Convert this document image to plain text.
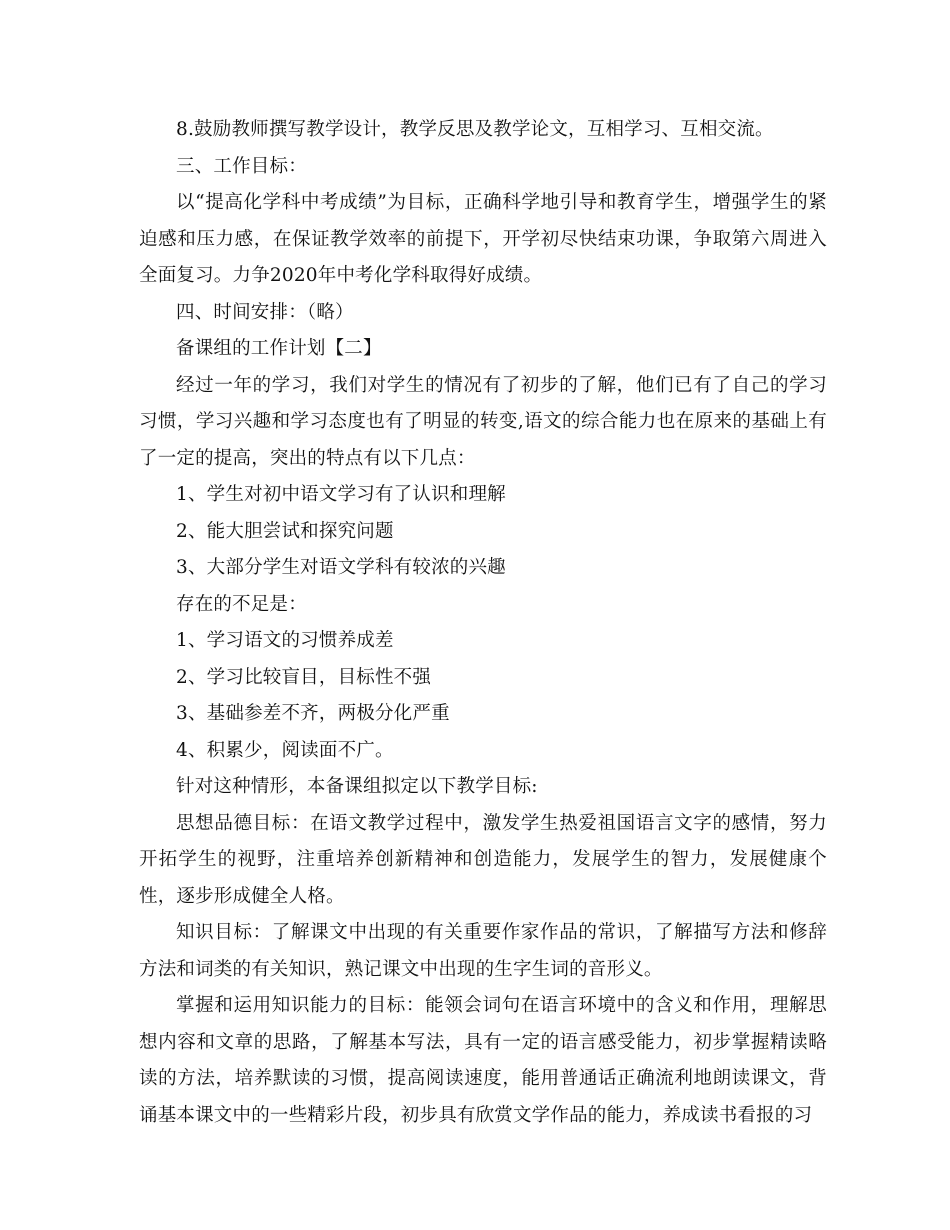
8.鼓励教师撰写教学设计，教学反思及教学论文，互相学习、互相交流。

三、工作目标：

以“提高化学科中考成绩”为目标，正确科学地引导和教育学生，增强学生的紧迫感和压力感，在保证教学效率的前提下，开学初尽快结束功课，争取第六周进入全面复习。力争2020年中考化学科取得好成绩。

四、时间安排：（略）

备课组的工作计划【二】

经过一年的学习，我们对学生的情况有了初步的了解，他们已有了自己的学习习惯，学习兴趣和学习态度也有了明显的转变,语文的综合能力也在原来的基础上有了一定的提高，突出的特点有以下几点：

1、学生对初中语文学习有了认识和理解

2、能大胆尝试和探究问题

3、大部分学生对语文学科有较浓的兴趣

存在的不足是：

1、学习语文的习惯养成差

2、学习比较盲目，目标性不强

3、基础参差不齐，两极分化严重

4、积累少，阅读面不广。

针对这种情形，本备课组拟定以下教学目标:

思想品德目标：在语文教学过程中，激发学生热爱祖国语言文字的感情，努力开拓学生的视野，注重培养创新精神和创造能力，发展学生的智力，发展健康个性，逐步形成健全人格。

知识目标：了解课文中出现的有关重要作家作品的常识，了解描写方法和修辞方法和词类的有关知识，熟记课文中出现的生字生词的音形义。

掌握和运用知识能力的目标：能领会词句在语言环境中的含义和作用，理解思想内容和文章的思路，了解基本写法，具有一定的语言感受能力，初步掌握精读略读的方法，培养默读的习惯，提高阅读速度，能用普通话正确流利地朗读课文，背诵基本课文中的一些精彩片段，初步具有欣赏文学作品的能力，养成读书看报的习
